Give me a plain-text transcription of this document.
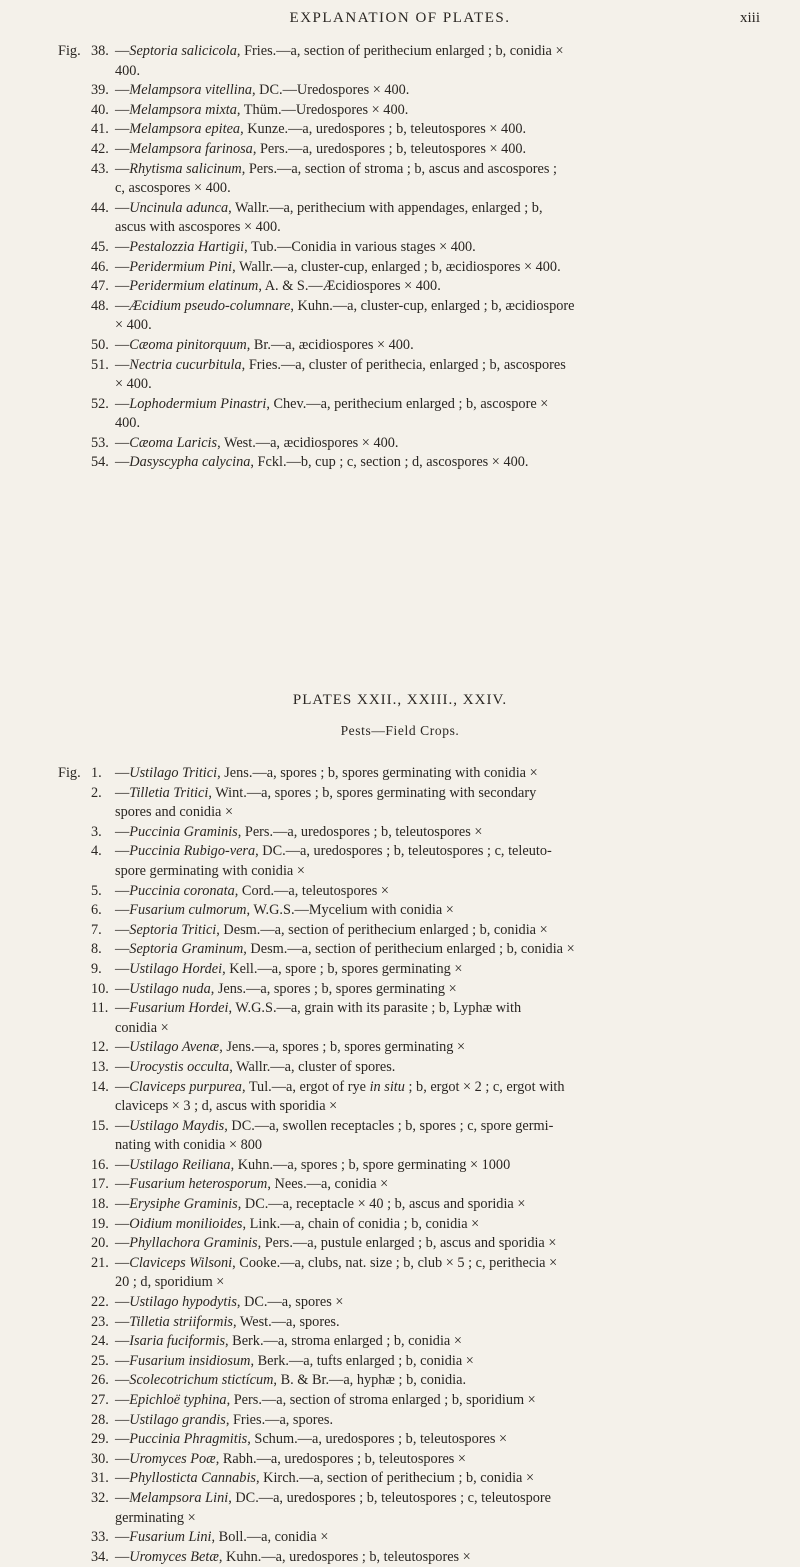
EXPLANATION OF PLATES.	xiii
Fig. 38. —Septoria salicicola, Fries.—a, section of perithecium enlarged ; b, conidia ×
400.
39. —Melampsora vitellina, DC.—Uredospores × 400.
40. —Melampsora mixta, Thüm.—Uredospores × 400.
41. —Melampsora epitea, Kunze.—a, uredospores ; b, teleutospores × 400.
42. —Melampsora farinosa, Pers.—a, uredospores ; b, teleutospores × 400.
43. —Rhytisma salicinum, Pers.—a, section of stroma ; b, ascus and ascospores ;
c, ascospores × 400.
44. —Uncinula adunca, Wallr.—a, perithecium with appendages, enlarged ; b,
ascus with ascospores × 400.
45. —Pestalozzia Hartigii, Tub.—Conidia in various stages × 400.
46. —Peridermium Pini, Wallr.—a, cluster-cup, enlarged ; b, æcidiospores × 400.
47. —Peridermium elatinum, A. & S.—Æcidiospores × 400.
48. —Æcidium pseudo-columnare, Kuhn.—a, cluster-cup, enlarged ; b, æcidiospore
× 400.
50. —Cæoma pinitorquum, Br.—a, æcidiospores × 400.
51. —Nectria cucurbitula, Fries.—a, cluster of perithecia, enlarged ; b, ascospores
× 400.
52. —Lophodermium Pinastri, Chev.—a, perithecium enlarged ; b, ascospore ×
400.
53. —Cæoma Laricis, West.—a, æcidiospores × 400.
54. —Dasyscypha calycina, Fckl.—b, cup ; c, section ; d, ascospores × 400.
PLATES XXII., XXIII., XXIV.
Pests—Field Crops.
Fig. 1. —Ustilago Tritici, Jens.—a, spores ; b, spores germinating with conidia ×
2. —Tilletia Tritici, Wint.—a, spores ; b, spores germinating with secondary
spores and conidia ×
3. —Puccinia Graminis, Pers.—a, uredospores ; b, teleutospores ×
4. —Puccinia Rubigo-vera, DC.—a, uredospores ; b, teleutospores ; c, teleuto-
spore germinating with conidia ×
5. —Puccinia coronata, Cord.—a, teleutospores ×
6. —Fusarium culmorum, W.G.S.—Mycelium with conidia ×
7. —Septoria Tritici, Desm.—a, section of perithecium enlarged ; b, conidia ×
8. —Septoria Graminum, Desm.—a, section of perithecium enlarged ; b, conidia ×
9. —Ustilago Hordei, Kell.—a, spore ; b, spores germinating ×
10. —Ustilago nuda, Jens.—a, spores ; b, spores germinating ×
11. —Fusarium Hordei, W.G.S.—a, grain with its parasite ; b, Lyphæ with
conidia ×
12. —Ustilago Avenæ, Jens.—a, spores ; b, spores germinating ×
13. —Urocystis occulta, Wallr.—a, cluster of spores.
14. —Claviceps purpurea, Tul.—a, ergot of rye in situ ; b, ergot × 2 ; c, ergot with
claviceps × 3 ; d, ascus with sporidia ×
15. —Ustilago Maydis, DC.—a, swollen receptacles ; b, spores ; c, spore germi-
nating with conidia × 800
16. —Ustilago Reiliana, Kuhn.—a, spores ; b, spore germinating × 1000
17. —Fusarium heterosporum, Nees.—a, conidia ×
18. —Erysiphe Graminis, DC.—a, receptacle × 40 ; b, ascus and sporidia ×
19. —Oidium monilioides, Link.—a, chain of conidia ; b, conidia ×
20. —Phyllachora Graminis, Pers.—a, pustule enlarged ; b, ascus and sporidia ×
21. —Claviceps Wilsoni, Cooke.—a, clubs, nat. size ; b, club × 5 ; c, perithecia ×
20 ; d, sporidium ×
22. —Ustilago hypodytis, DC.—a, spores ×
23. —Tilletia striiformis, West.—a, spores.
24. —Isaria fuciformis, Berk.—a, stroma enlarged ; b, conidia ×
25. —Fusarium insidiosum, Berk.—a, tufts enlarged ; b, conidia ×
26. —Scolecotrichum stictícum, B. & Br.—a, hyphæ ; b, conidia.
27. —Epichloë typhina, Pers.—a, section of stroma enlarged ; b, sporidium ×
28. —Ustilago grandis, Fries.—a, spores.
29. —Puccinia Phragmitis, Schum.—a, uredospores ; b, teleutospores ×
30. —Uromyces Poæ, Rabh.—a, uredospores ; b, teleutospores ×
31. —Phyllosticta Cannabis, Kirch.—a, section of perithecium ; b, conidia ×
32. —Melampsora Lini, DC.—a, uredospores ; b, teleutospores ; c, teleutospore
germinating ×
33. —Fusarium Lini, Boll.—a, conidia ×
34. —Uromyces Betæ, Kuhn.—a, uredospores ; b, teleutospores ×
